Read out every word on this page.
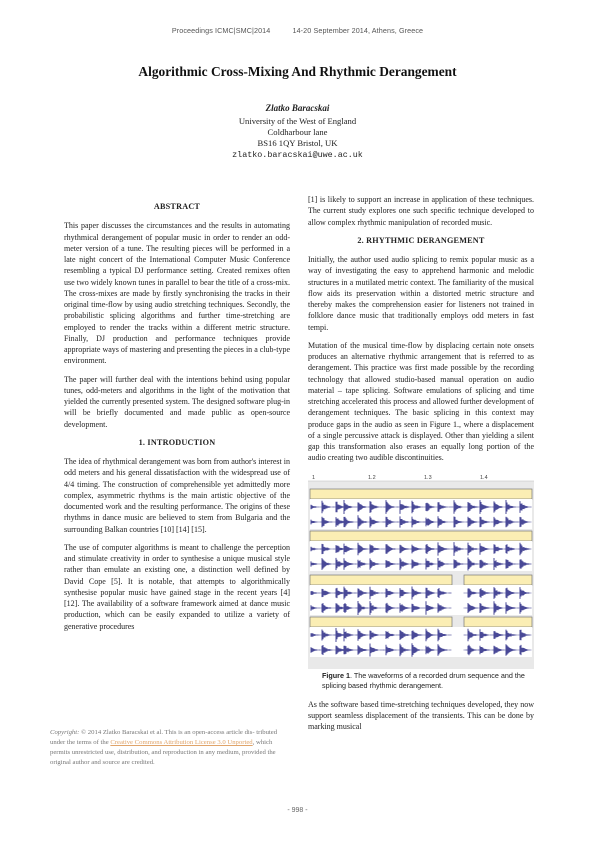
Proceedings ICMC|SMC|2014	14-20 September 2014, Athens, Greece
Algorithmic Cross-Mixing And Rhythmic Derangement
Zlatko Baracskai
University of the West of England
Coldharbour lane
BS16 1QY Bristol, UK
zlatko.baracskai@uwe.ac.uk
ABSTRACT

This paper discusses the circumstances and the results in automating rhythmical derangement of popular music in order to render an odd-meter version of a tune. The resulting pieces will be performed in a late night concert of the International Computer Music Conference resembling a typical DJ performance setting. Created remixes often use two widely known tunes in parallel to bear the title of a cross-mix. The cross-mixes are made by firstly synchronising the tracks in their original time-flow by using audio stretching techniques. Secondly, the probabilistic splicing algorithms and further time-stretching are employed to render the tracks within a different metric structure. Finally, DJ production and performance techniques provide appropriate ways of mastering and presenting the pieces in a club-type environment.

The paper will further deal with the intentions behind using popular tunes, odd-meters and algorithms in the light of the motivation that yielded the currently presented system. The designed software plug-in will be briefly documented and made public as open-source development.

1. INTRODUCTION

The idea of rhythmical derangement was born from author's interest in odd meters and his general dissatisfaction with the widespread use of 4/4 timing. The construction of comprehensible yet admittedly more complex, asymmetric rhythms is the main artistic objective of the documented work and the resulting performance. The origins of these rhythms in dance music are believed to stem from Bulgaria and the surrounding Balkan countries [10] [14] [15].

The use of computer algorithms is meant to challenge the perception and stimulate creativity in order to synthesise a unique musical style rather than emulate an existing one, a distinction well defined by David Cope [5]. It is notable, that attempts to algorithmically synthesise popular music have gained stage in the recent years [4] [12]. The availability of a software framework aimed at dance music production, which can be easily expanded to utilize a variety of generative procedures

[1] is likely to support an increase in application of these techniques. The current study explores one such specific technique developed to allow complex rhythmic manipulation of recorded music.

2. RHYTHMIC DERANGEMENT

Initially, the author used audio splicing to remix popular music as a way of investigating the easy to apprehend harmonic and melodic structures in a mutilated metric context. The familiarity of the musical flow aids its preservation within a distorted metric structure and thereby makes the comprehension easier for listeners not trained in folklore dance music that traditionally employs odd meters in fast tempi.

Mutation of the musical time-flow by displacing certain note onsets produces an alternative rhythmic arrangement that is referred to as derangement. This practice was first made possible by the recording technology that allowed studio-based manual operation on audio material – tape splicing. Software emulations of splicing and time stretching accelerated this process and allowed further development of derangement techniques. The basic splicing in this context may produce gaps in the audio as seen in Figure 1., where a displacement of a single percussive attack is displayed. Other than yielding a silent gap this transformation also erases an equally long portion of the audio creating two audible discontinuities.

1	1.2	1.3	1.4
Figure 1. The waveforms of a recorded drum sequence and the splicing based rhythmic derangement.

As the software based time-stretching techniques developed, they now support seamless displacement of the transients. This can be done by marking musical

Copyright: © 2014 Zlatko Baracskai et al. This is an open-access article dis- tributed under the terms of the Creative Commons Attribution License 3.0 Unported, which permits unrestricted use, distribution, and reproduction in any medium, provided the original author and source are credited.
- 998 -
